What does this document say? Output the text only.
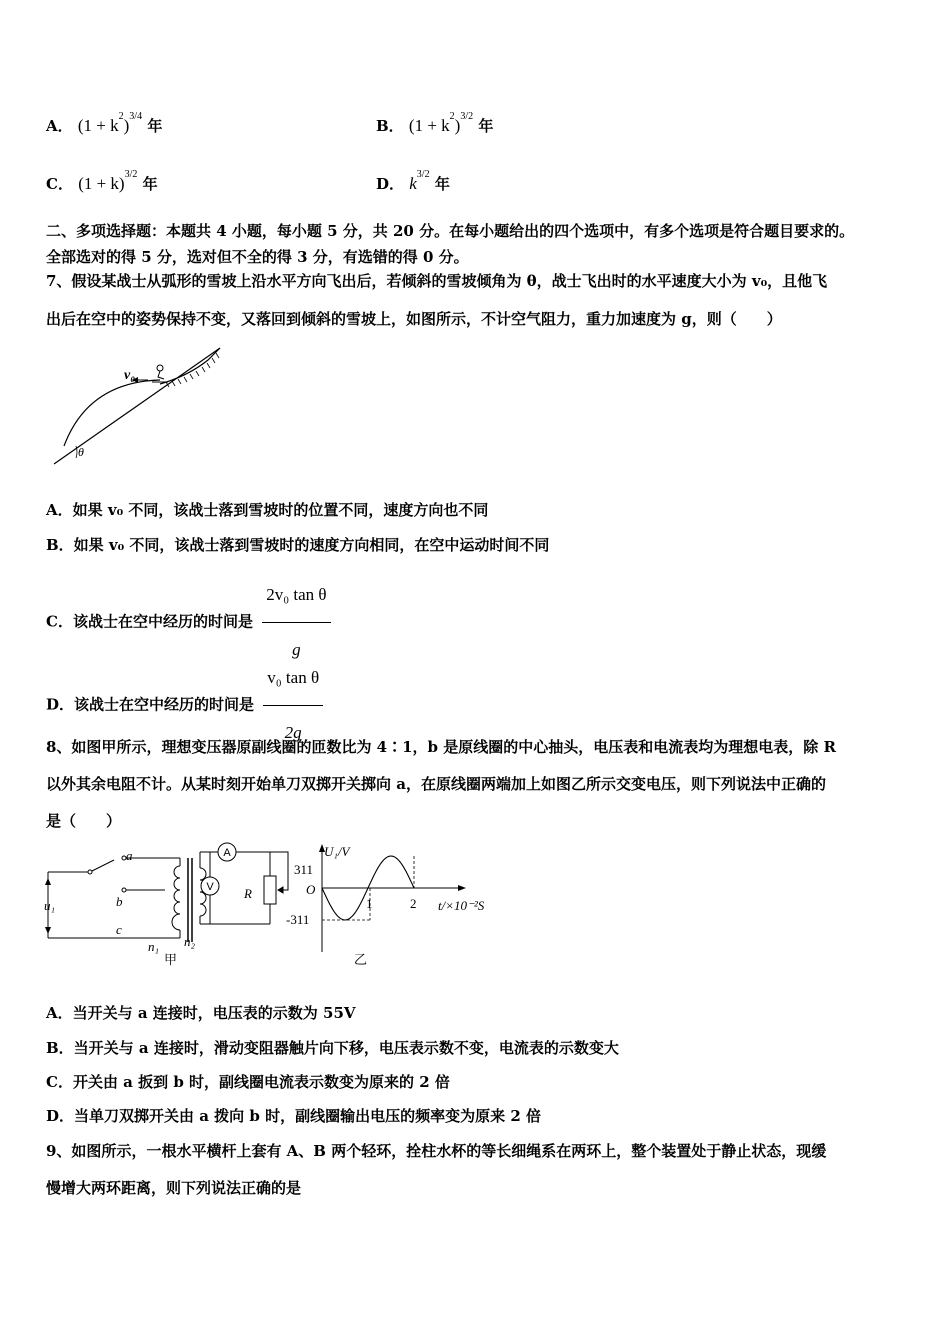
A． (1 + k2)3/4 年	B． (1 + k2)3/2 年
C． (1 + k)3/2 年	D． k3/2 年
二、多项选择题：本题共 4 小题，每小题 5 分，共 20 分。在每小题给出的四个选项中，有多个选项是符合题目要求的。
全部选对的得 5 分，选对但不全的得 3 分，有选错的得 0 分。
7、假设某战士从弧形的雪坡上沿水平方向飞出后，若倾斜的雪坡倾角为 θ，战士飞出时的水平速度大小为 v₀，且他飞
出后在空中的姿势保持不变，又落回到倾斜的雪坡上，如图所示，不计空气阻力，重力加速度为 g，则（　　）
v₀
θ
A．如果 v₀ 不同，该战士落到雪坡时的位置不同，速度方向也不同
B．如果 v₀ 不同，该战士落到雪坡时的速度方向相同，在空中运动时间不同
C．该战士在空中经历的时间是 $\frac{\text{2v₀ tan θ}}{g}$
D．该战士在空中经历的时间是 $\frac{\text{v₀ tan θ}}{2g}$
8、如图甲所示，理想变压器原副线圈的匝数比为 4∶1，b 是原线圈的中心抽头，电压表和电流表均为理想电表，除 R
以外其余电阻不计。从某时刻开始单刀双掷开关掷向 a，在原线圈两端加上如图乙所示交变电压，则下列说法中正确的
是（　　）
a
b
c
u₁
n₁ n₂
R
A
V
甲
U₁/V
311
O
-311
1	2 t/×10⁻²S
乙
A．当开关与 a 连接时，电压表的示数为 55V
B．当开关与 a 连接时，滑动变阻器触片向下移，电压表示数不变，电流表的示数变大
C．开关由 a 扳到 b 时，副线圈电流表示数变为原来的 2 倍
D．当单刀双掷开关由 a 拨向 b 时，副线圈输出电压的频率变为原来 2 倍
9、如图所示，一根水平横杆上套有 A、B 两个轻环，拴柱水杯的等长细绳系在两环上，整个装置处于静止状态，现缓
慢增大两环距离，则下列说法正确的是
